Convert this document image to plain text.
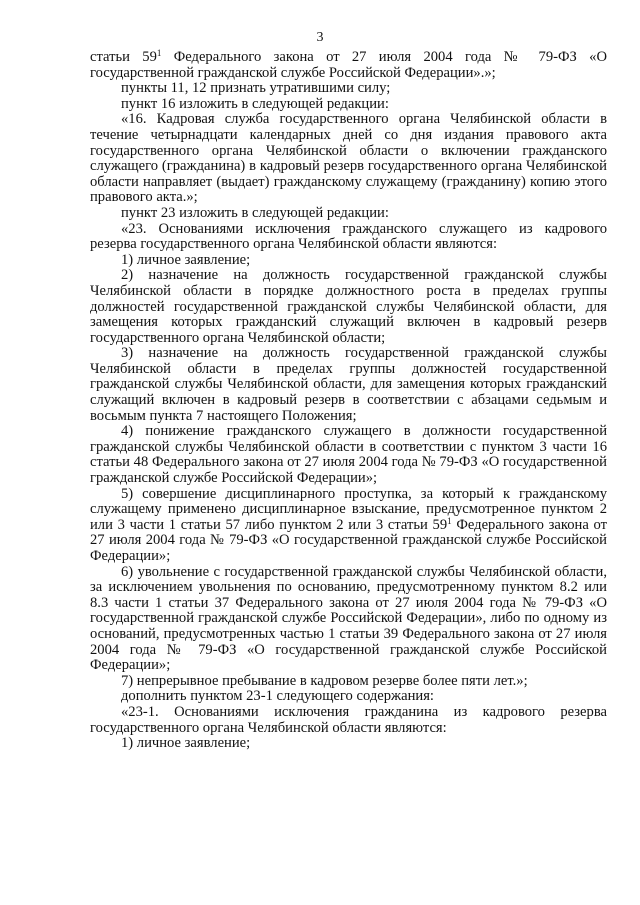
3

статьи $59^1$ Федерального закона от 27 июля 2004 года № 79-ФЗ «О государственной гражданской службе Российской Федерации».»;

пункты 11, 12 признать утратившими силу;

пункт 16 изложить в следующей редакции:

«16. Кадровая служба государственного органа Челябинской области в течение четырнадцати календарных дней со дня издания правового акта государственного органа Челябинской области о включении гражданского служащего (гражданина) в кадровый резерв государственного органа Челябинской области направляет (выдает) гражданскому служащему (гражданину) копию этого правового акта.»;

пункт 23 изложить в следующей редакции:

«23. Основаниями исключения гражданского служащего из кадрового резерва государственного органа Челябинской области являются:

1) личное заявление;

2) назначение на должность государственной гражданской службы Челябинской области в порядке должностного роста в пределах группы должностей государственной гражданской службы Челябинской области, для замещения которых гражданский служащий включен в кадровый резерв государственного органа Челябинской области;

3) назначение на должность государственной гражданской службы Челябинской области в пределах группы должностей государственной гражданской службы Челябинской области, для замещения которых гражданский служащий включен в кадровый резерв в соответствии с абзацами седьмым и восьмым пункта 7 настоящего Положения;

4) понижение гражданского служащего в должности государственной гражданской службы Челябинской области в соответствии с пунктом 3 части 16 статьи 48 Федерального закона от 27 июля 2004 года № 79-ФЗ «О государственной гражданской службе Российской Федерации»;

5) совершение дисциплинарного проступка, за который к гражданскому служащему применено дисциплинарное взыскание, предусмотренное пунктом 2 или 3 части 1 статьи 57 либо пунктом 2 или 3 статьи $59^1$ Федерального закона от 27 июля 2004 года № 79-ФЗ «О государственной гражданской службе Российской Федерации»;

6) увольнение с государственной гражданской службы Челябинской области, за исключением увольнения по основанию, предусмотренному пунктом 8.2 или 8.3 части 1 статьи 37 Федерального закона от 27 июля 2004 года № 79-ФЗ «О государственной гражданской службе Российской Федерации», либо по одному из оснований, предусмотренных частью 1 статьи 39 Федерального закона от 27 июля 2004 года № 79-ФЗ «О государственной гражданской службе Российской Федерации»;

7) непрерывное пребывание в кадровом резерве более пяти лет.»;

дополнить пунктом 23-1 следующего содержания:

«23-1. Основаниями исключения гражданина из кадрового резерва государственного органа Челябинской области являются:

1) личное заявление;
